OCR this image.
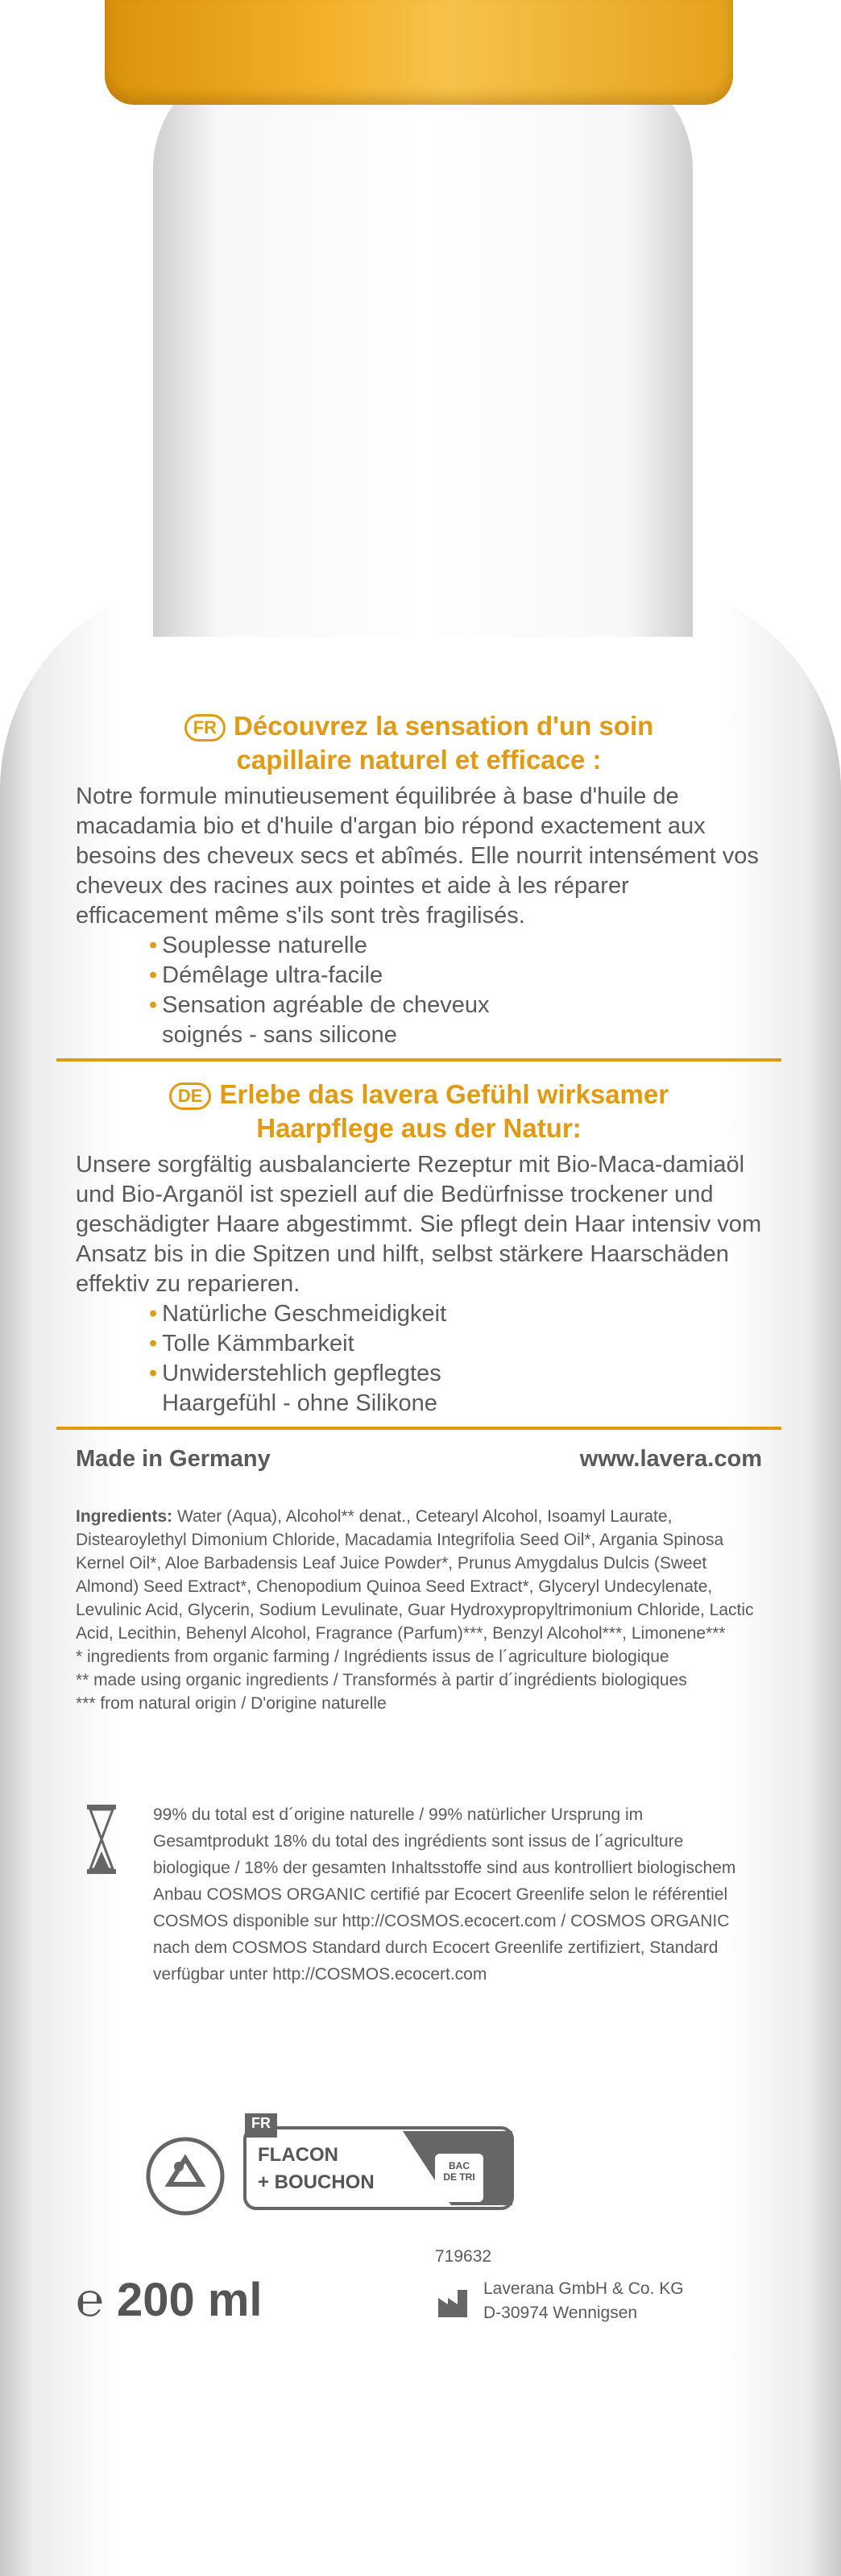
FR Découvrez la sensation d'un soin
capillaire naturel et efficace :
Notre formule minutieusement équilibrée à base d'huile de macadamia bio et d'huile d'argan bio répond exactement aux besoins des cheveux secs et abîmés. Elle nourrit intensément vos cheveux des racines aux pointes et aide à les réparer efficacement même s'ils sont très fragilisés.
• Souplesse naturelle
• Démêlage ultra-facile
• Sensation agréable de cheveux
soignés - sans silicone
DE Erlebe das lavera Gefühl wirksamer
Haarpflege aus der Natur:
Unsere sorgfältig ausbalancierte Rezeptur mit Bio-Maca-damiaöl und Bio-Arganöl ist speziell auf die Bedürfnisse trockener und geschädigter Haare abgestimmt. Sie pflegt dein Haar intensiv vom Ansatz bis in die Spitzen und hilft, selbst stärkere Haarschäden effektiv zu reparieren.
• Natürliche Geschmeidigkeit
• Tolle Kämmbarkeit
• Unwiderstehlich gepflegtes
Haargefühl - ohne Silikone
Made in Germany	www.lavera.com
Ingredients: Water (Aqua), Alcohol** denat., Cetearyl Alcohol, Isoamyl Laurate, Distearoylethyl Dimonium Chloride, Macadamia Integrifolia Seed Oil*, Argania Spinosa Kernel Oil*, Aloe Barbadensis Leaf Juice Powder*, Prunus Amygdalus Dulcis (Sweet Almond) Seed Extract*, Chenopodium Quinoa Seed Extract*, Glyceryl Undecylenate, Levulinic Acid, Glycerin, Sodium Levulinate, Guar Hydroxypropyltrimonium Chloride, Lactic Acid, Lecithin, Behenyl Alcohol, Fragrance (Parfum)***, Benzyl Alcohol***, Limonene***
* ingredients from organic farming / Ingrédients issus de l´agriculture biologique
** made using organic ingredients / Transformés à partir d´ingrédients biologiques
*** from natural origin / D'origine naturelle
99% du total est d´origine naturelle / 99% natürlicher Ursprung im Gesamtprodukt 18% du total des ingrédients sont issus de l´agriculture biologique / 18% der gesamten Inhaltsstoffe sind aus kontrolliert biologischem Anbau COSMOS ORGANIC certifié par Ecocert Greenlife selon le référentiel COSMOS disponible sur http://COSMOS.ecocert.com / COSMOS ORGANIC nach dem COSMOS Standard durch Ecocert Greenlife zertifiziert, Standard verfügbar unter http://COSMOS.ecocert.com
FR
FLACON
+ BOUCHON
BAC DE TRI
℮ 200 ml
719632
Laverana GmbH & Co. KG
D-30974 Wennigsen
